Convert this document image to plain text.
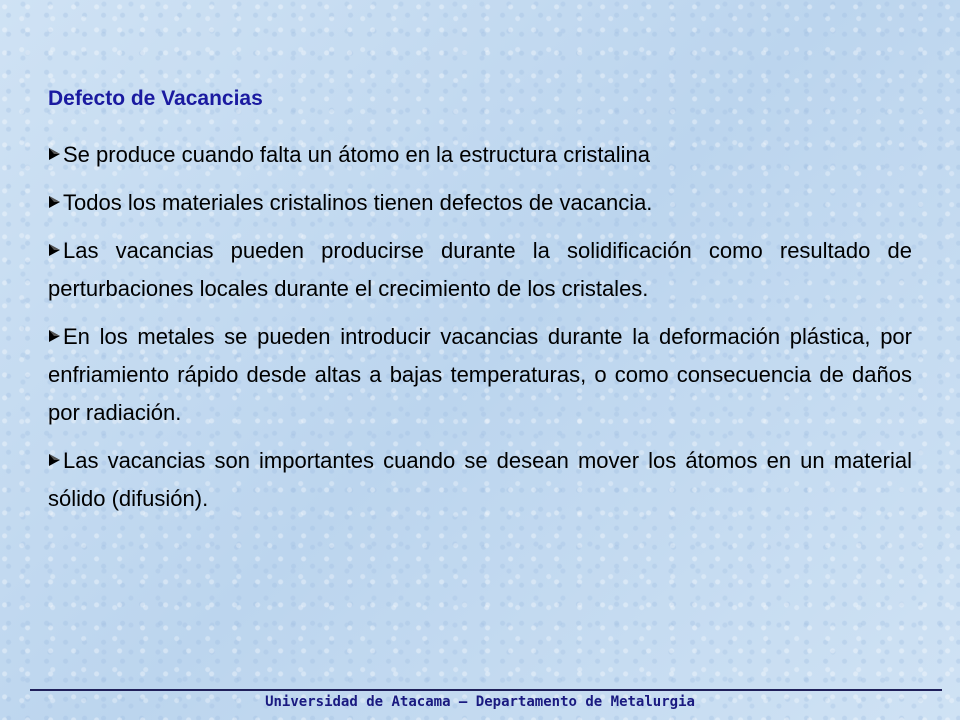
Defecto de Vacancias
Se produce cuando falta un átomo en la estructura cristalina
Todos los materiales cristalinos tienen defectos de vacancia.
Las vacancias pueden producirse durante la solidificación como resultado de perturbaciones locales durante el crecimiento de los cristales.
En los metales se pueden introducir vacancias durante la deformación plástica, por enfriamiento rápido desde altas a bajas temperaturas, o como consecuencia de daños por radiación.
Las vacancias son importantes cuando se desean mover los átomos en un material sólido (difusión).
Universidad de Atacama – Departamento de Metalurgia
